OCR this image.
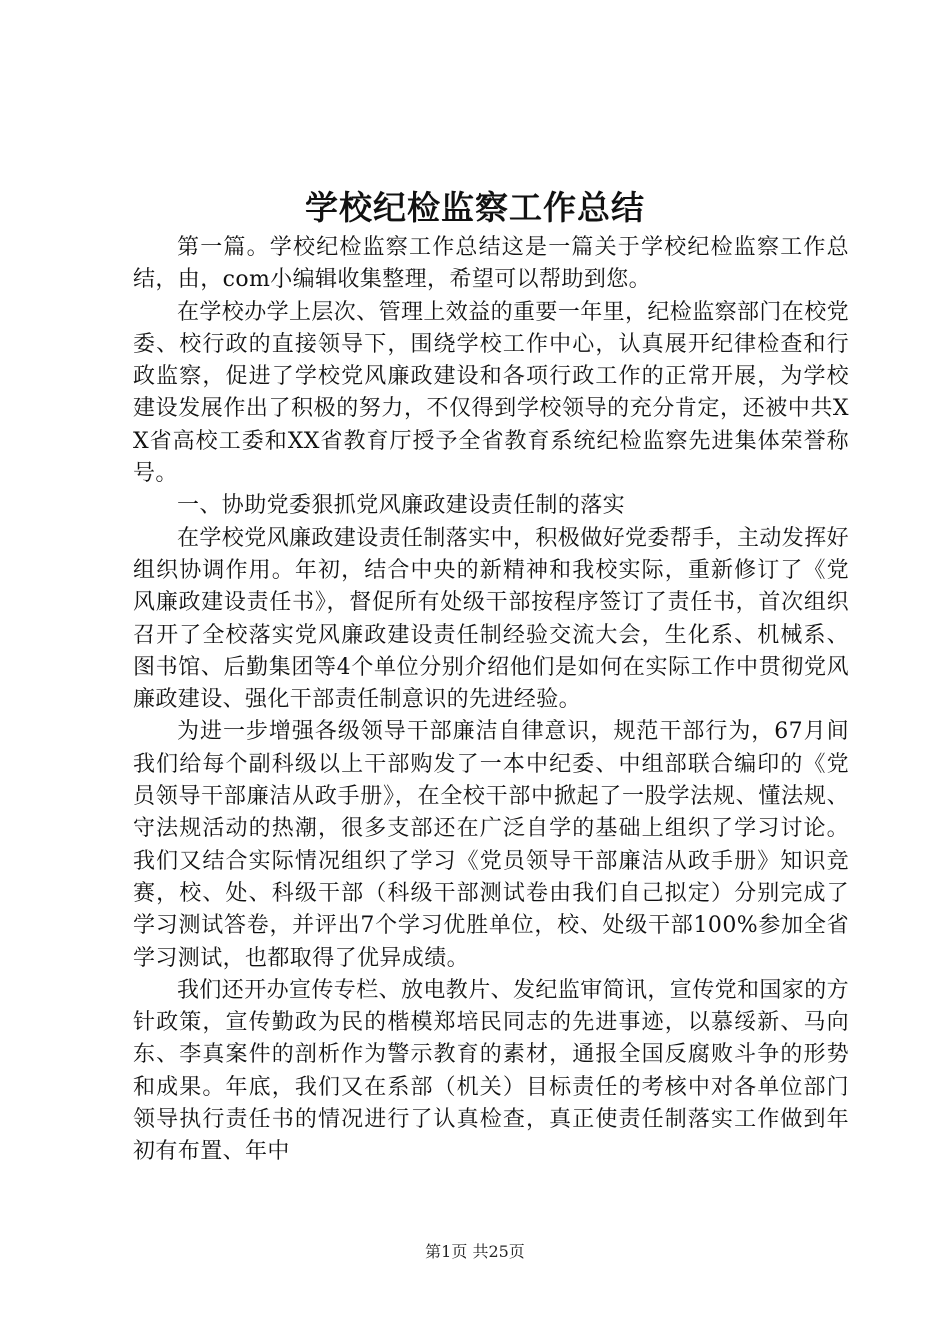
学校纪检监察工作总结

第一篇。学校纪检监察工作总结这是一篇关于学校纪检监察工作总结，由，com小编辑收集整理，希望可以帮助到您。

在学校办学上层次、管理上效益的重要一年里，纪检监察部门在校党委、校行政的直接领导下，围绕学校工作中心，认真展开纪律检查和行政监察，促进了学校党风廉政建设和各项行政工作的正常开展，为学校建设发展作出了积极的努力，不仅得到学校领导的充分肯定，还被中共XX省高校工委和XX省教育厅授予全省教育系统纪检监察先进集体荣誉称号。

一、协助党委狠抓党风廉政建设责任制的落实

在学校党风廉政建设责任制落实中，积极做好党委帮手，主动发挥好组织协调作用。年初，结合中央的新精神和我校实际，重新修订了《党风廉政建设责任书》，督促所有处级干部按程序签订了责任书，首次组织召开了全校落实党风廉政建设责任制经验交流大会，生化系、机械系、图书馆、后勤集团等4个单位分别介绍他们是如何在实际工作中贯彻党风廉政建设、强化干部责任制意识的先进经验。

为进一步增强各级领导干部廉洁自律意识，规范干部行为，67月间我们给每个副科级以上干部购发了一本中纪委、中组部联合编印的《党员领导干部廉洁从政手册》，在全校干部中掀起了一股学法规、懂法规、守法规活动的热潮，很多支部还在广泛自学的基础上组织了学习讨论。我们又结合实际情况组织了学习《党员领导干部廉洁从政手册》知识竞赛，校、处、科级干部（科级干部测试卷由我们自己拟定）分别完成了学习测试答卷，并评出7个学习优胜单位，校、处级干部100%参加全省学习测试，也都取得了优异成绩。

我们还开办宣传专栏、放电教片、发纪监审简讯，宣传党和国家的方针政策，宣传勤政为民的楷模郑培民同志的先进事迹，以慕绥新、马向东、李真案件的剖析作为警示教育的素材，通报全国反腐败斗争的形势和成果。年底，我们又在系部（机关）目标责任的考核中对各单位部门领导执行责任书的情况进行了认真检查，真正使责任制落实工作做到年初有布置、年中

第1页 共25页
